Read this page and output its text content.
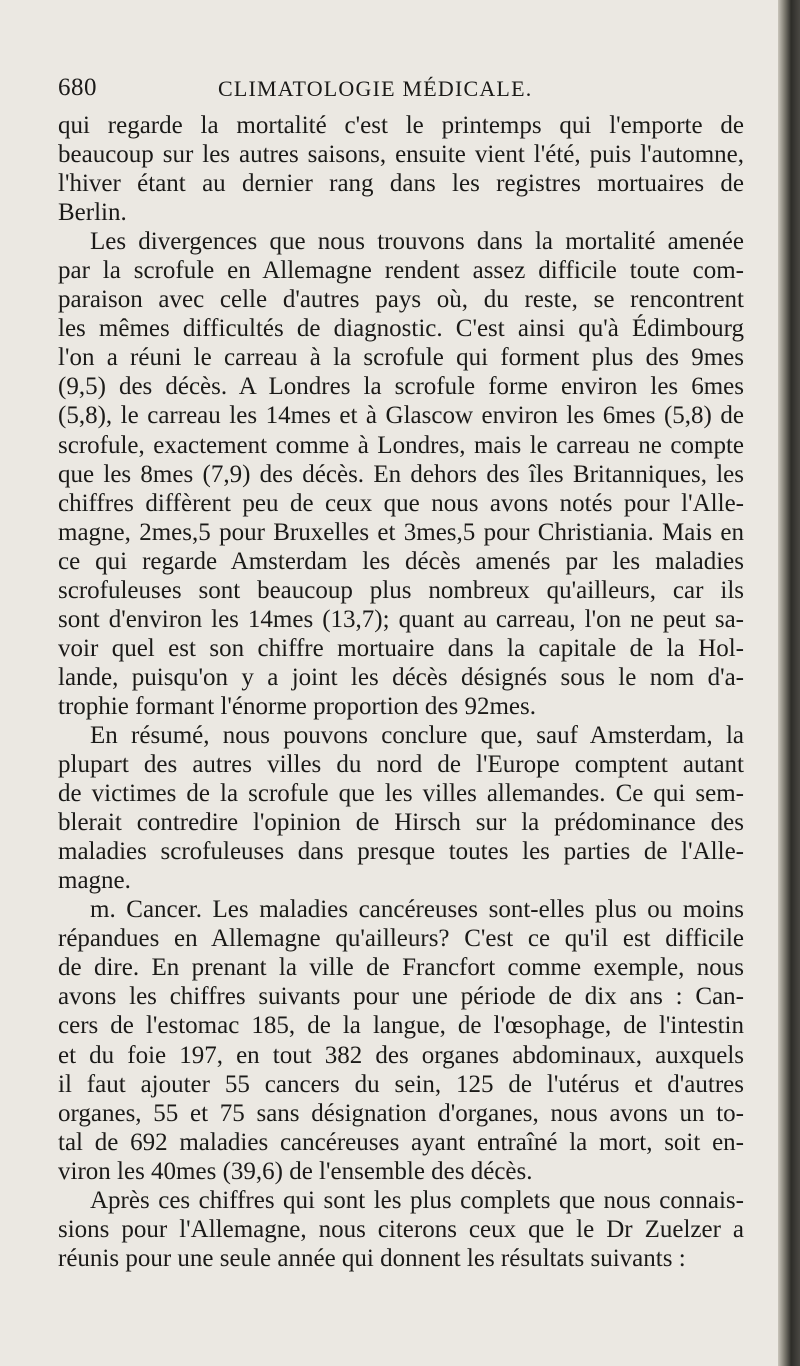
680	CLIMATOLOGIE MÉDICALE.
qui regarde la mortalité c'est le printemps qui l'emporte de
beaucoup sur les autres saisons, ensuite vient l'été, puis l'automne,
l'hiver étant au dernier rang dans les registres mortuaires de
Berlin.
Les divergences que nous trouvons dans la mortalité amenée
par la scrofule en Allemagne rendent assez difficile toute com-
paraison avec celle d'autres pays où, du reste, se rencontrent
les mêmes difficultés de diagnostic. C'est ainsi qu'à Édimbourg
l'on a réuni le carreau à la scrofule qui forment plus des 9mes
(9,5) des décès. A Londres la scrofule forme environ les 6mes
(5,8), le carreau les 14mes et à Glascow environ les 6mes (5,8) de
scrofule, exactement comme à Londres, mais le carreau ne compte
que les 8mes (7,9) des décès. En dehors des îles Britanniques, les
chiffres diffèrent peu de ceux que nous avons notés pour l'Alle-
magne, 2mes,5 pour Bruxelles et 3mes,5 pour Christiania. Mais en
ce qui regarde Amsterdam les décès amenés par les maladies
scrofuleuses sont beaucoup plus nombreux qu'ailleurs, car ils
sont d'environ les 14mes (13,7); quant au carreau, l'on ne peut sa-
voir quel est son chiffre mortuaire dans la capitale de la Hol-
lande, puisqu'on y a joint les décès désignés sous le nom d'a-
trophie formant l'énorme proportion des 92mes.
En résumé, nous pouvons conclure que, sauf Amsterdam, la
plupart des autres villes du nord de l'Europe comptent autant
de victimes de la scrofule que les villes allemandes. Ce qui sem-
blerait contredire l'opinion de Hirsch sur la prédominance des
maladies scrofuleuses dans presque toutes les parties de l'Alle-
magne.
m. Cancer. Les maladies cancéreuses sont-elles plus ou moins
répandues en Allemagne qu'ailleurs? C'est ce qu'il est difficile
de dire. En prenant la ville de Francfort comme exemple, nous
avons les chiffres suivants pour une période de dix ans : Can-
cers de l'estomac 185, de la langue, de l'œsophage, de l'intestin
et du foie 197, en tout 382 des organes abdominaux, auxquels
il faut ajouter 55 cancers du sein, 125 de l'utérus et d'autres
organes, 55 et 75 sans désignation d'organes, nous avons un to-
tal de 692 maladies cancéreuses ayant entraîné la mort, soit en-
viron les 40mes (39,6) de l'ensemble des décès.
Après ces chiffres qui sont les plus complets que nous connais-
sions pour l'Allemagne, nous citerons ceux que le Dr Zuelzer a
réunis pour une seule année qui donnent les résultats suivants :
